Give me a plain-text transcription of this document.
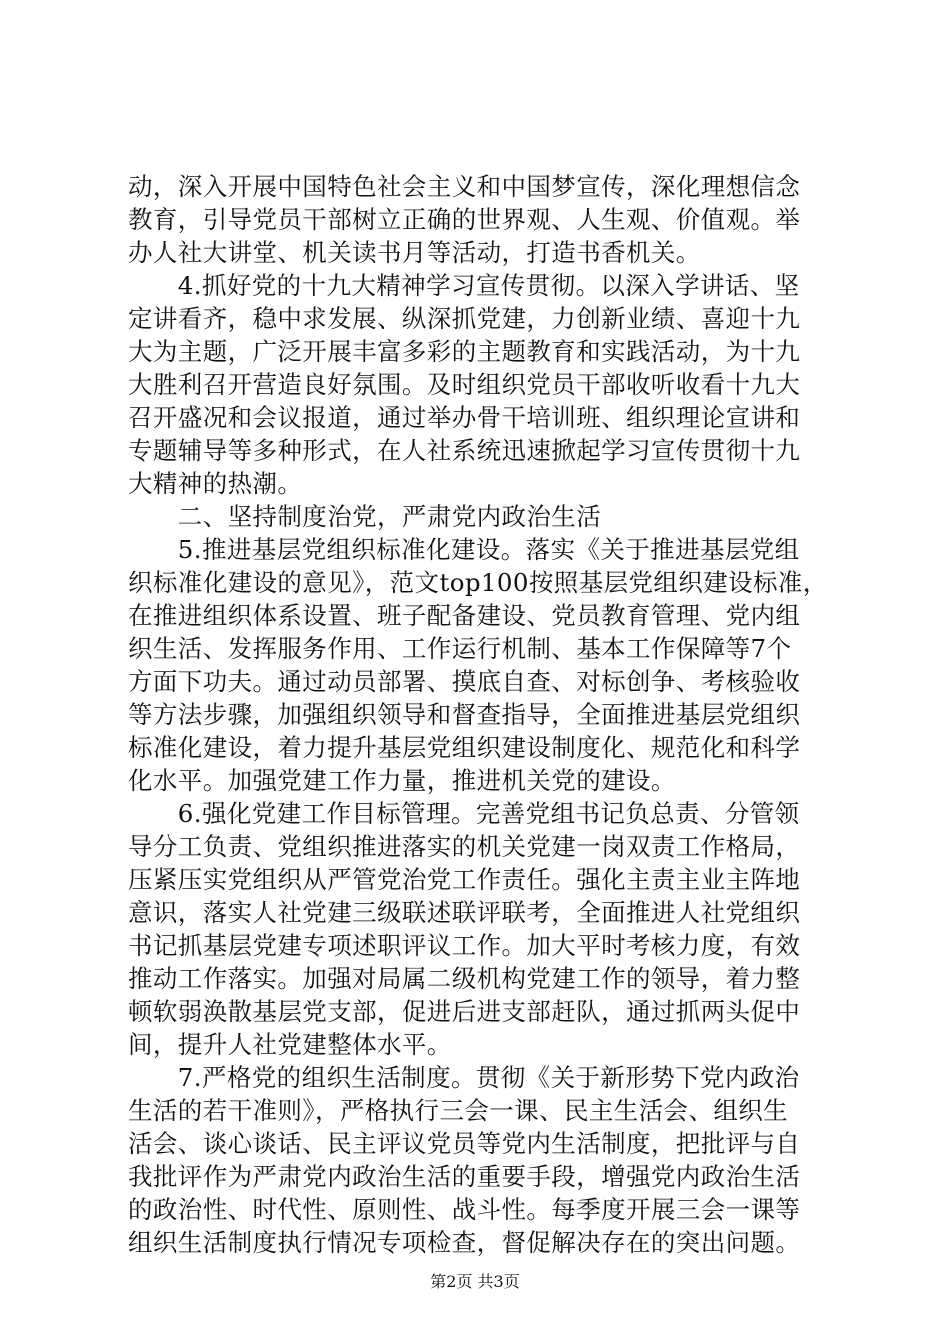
动，深入开展中国特色社会主义和中国梦宣传，深化理想信念
教育，引导党员干部树立正确的世界观、人生观、价值观。举
办人社大讲堂、机关读书月等活动，打造书香机关。
　　4.抓好党的十九大精神学习宣传贯彻。以深入学讲话、坚
定讲看齐，稳中求发展、纵深抓党建，力创新业绩、喜迎十九
大为主题，广泛开展丰富多彩的主题教育和实践活动，为十九
大胜利召开营造良好氛围。及时组织党员干部收听收看十九大
召开盛况和会议报道，通过举办骨干培训班、组织理论宣讲和
专题辅导等多种形式，在人社系统迅速掀起学习宣传贯彻十九
大精神的热潮。
　　二、坚持制度治党，严肃党内政治生活
　　5.推进基层党组织标准化建设。落实《关于推进基层党组
织标准化建设的意见》，范文top100按照基层党组织建设标准，
在推进组织体系设置、班子配备建设、党员教育管理、党内组
织生活、发挥服务作用、工作运行机制、基本工作保障等7个
方面下功夫。通过动员部署、摸底自查、对标创争、考核验收
等方法步骤，加强组织领导和督查指导，全面推进基层党组织
标准化建设，着力提升基层党组织建设制度化、规范化和科学
化水平。加强党建工作力量，推进机关党的建设。
　　6.强化党建工作目标管理。完善党组书记负总责、分管领
导分工负责、党组织推进落实的机关党建一岗双责工作格局，
压紧压实党组织从严管党治党工作责任。强化主责主业主阵地
意识，落实人社党建三级联述联评联考，全面推进人社党组织
书记抓基层党建专项述职评议工作。加大平时考核力度，有效
推动工作落实。加强对局属二级机构党建工作的领导，着力整
顿软弱涣散基层党支部，促进后进支部赶队，通过抓两头促中
间，提升人社党建整体水平。
　　7.严格党的组织生活制度。贯彻《关于新形势下党内政治
生活的若干准则》，严格执行三会一课、民主生活会、组织生
活会、谈心谈话、民主评议党员等党内生活制度，把批评与自
我批评作为严肃党内政治生活的重要手段，增强党内政治生活
的政治性、时代性、原则性、战斗性。每季度开展三会一课等
组织生活制度执行情况专项检查，督促解决存在的突出问题。
第2页 共3页
